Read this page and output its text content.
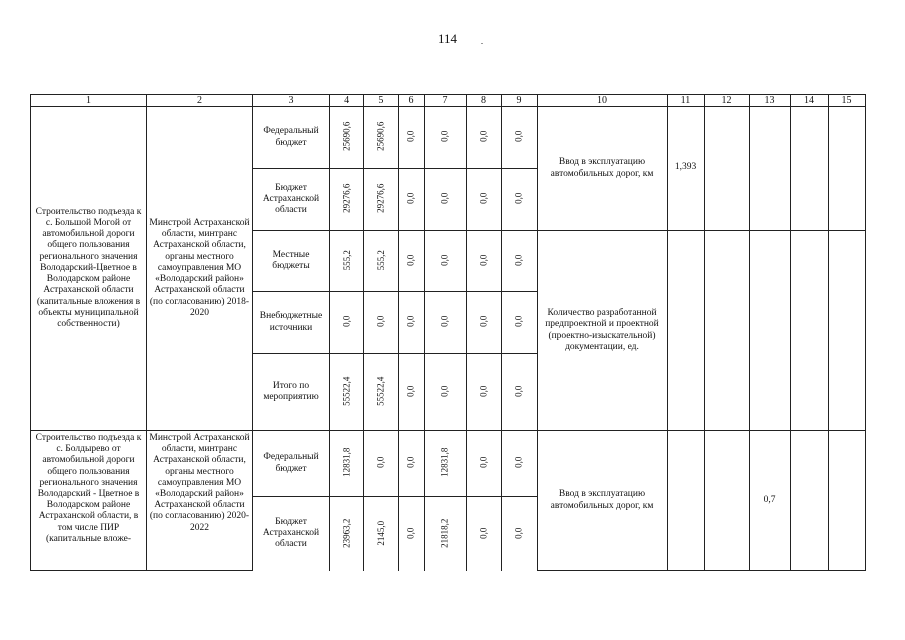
114
1	2	3	4	5	6	7	8	9	10	11	12	13	14	15
Строительство подъезда к с. Большой Могой от автомобильной дороги общего пользования регионального значения Володарский-Цветное в Володарском районе Астраханской области (капитальные вложения в объекты муниципальной собственности)	Минстрой Астраханской области, минтранс Астраханской области, органы местного самоуправления МО «Володарский район» Астраханской области (по согласованию) 2018-2020	Федеральный бюджет	25690,6	25690,6	0,0	0,0	0,0	0,0	Ввод в эксплуатацию автомобильных дорог, км	1,393				
		Бюджет Астраханской области	29276,6	29276,6	0,0	0,0	0,0	0,0						
		Местные бюджеты	555,2	555,2	0,0	0,0	0,0	0,0	Количество разработанной предпроектной и проектной (проектно-изыскательной) документации, ед.					
		Внебюджетные источники	0,0	0,0	0,0	0,0	0,0	0,0						
		Итого по мероприятию	55522,4	55522,4	0,0	0,0	0,0	0,0						
Строительство подъезда к с. Болдырево от автомобильной дороги общего пользования регионального значения Володарский - Цветное в Володарском районе Астраханской области, в том числе ПИР (капитальные вложе-	Минстрой Астраханской области, минтранс Астраханской области, органы местного самоуправления МО «Володарский район» Астраханской области (по согласованию) 2020-2022	Федеральный бюджет	12831,8	0,0	0,0	12831,8	0,0	0,0	Ввод в эксплуатацию автомобильных дорог, км			0,7		
		Бюджет Астраханской области	23963,2	2145,0	0,0	21818,2	0,0	0,0						
